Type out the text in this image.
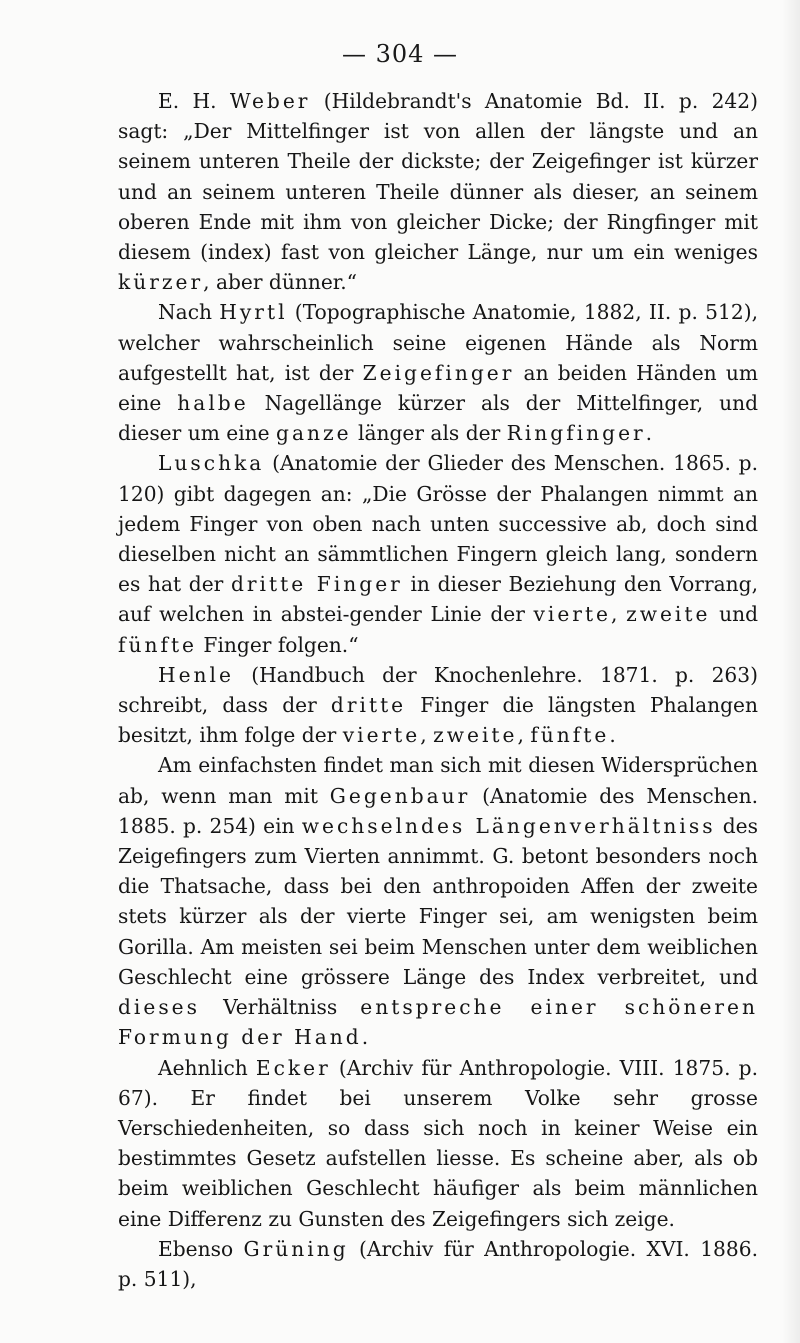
— 304 —

E. H. Weber (Hildebrandt's Anatomie Bd. II. p. 242) sagt: „Der Mittelfinger ist von allen der längste und an seinem unteren Theile der dickste; der Zeigefinger ist kürzer und an seinem unteren Theile dünner als dieser, an seinem oberen Ende mit ihm von gleicher Dicke; der Ringfinger mit diesem (index) fast von gleicher Länge, nur um ein weniges kürzer, aber dünner.“

Nach Hyrtl (Topographische Anatomie, 1882, II. p. 512), welcher wahrscheinlich seine eigenen Hände als Norm aufgestellt hat, ist der Zeigefinger an beiden Händen um eine halbe Nagellänge kürzer als der Mittelfinger, und dieser um eine ganze länger als der Ringfinger.

Luschka (Anatomie der Glieder des Menschen. 1865. p. 120) gibt dagegen an: „Die Grösse der Phalangen nimmt an jedem Finger von oben nach unten successive ab, doch sind dieselben nicht an sämmtlichen Fingern gleich lang, sondern es hat der dritte Finger in dieser Beziehung den Vorrang, auf welchen in abstei-gender Linie der vierte, zweite und fünfte Finger folgen.“

Henle (Handbuch der Knochenlehre. 1871. p. 263) schreibt, dass der dritte Finger die längsten Phalangen besitzt, ihm folge der vierte, zweite, fünfte.

Am einfachsten findet man sich mit diesen Widersprüchen ab, wenn man mit Gegenbaur (Anatomie des Menschen. 1885. p. 254) ein wechselndes Längenverhältniss des Zeigefingers zum Vierten annimmt. G. betont besonders noch die Thatsache, dass bei den anthropoiden Affen der zweite stets kürzer als der vierte Finger sei, am wenigsten beim Gorilla. Am meisten sei beim Menschen unter dem weiblichen Geschlecht eine grössere Länge des Index verbreitet, und dieses Verhältniss entspreche einer schöneren Formung der Hand.

Aehnlich Ecker (Archiv für Anthropologie. VIII. 1875. p. 67). Er findet bei unserem Volke sehr grosse Verschiedenheiten, so dass sich noch in keiner Weise ein bestimmtes Gesetz aufstellen liesse. Es scheine aber, als ob beim weiblichen Geschlecht häufiger als beim männlichen eine Differenz zu Gunsten des Zeigefingers sich zeige.

Ebenso Grüning (Archiv für Anthropologie. XVI. 1886. p. 511),
